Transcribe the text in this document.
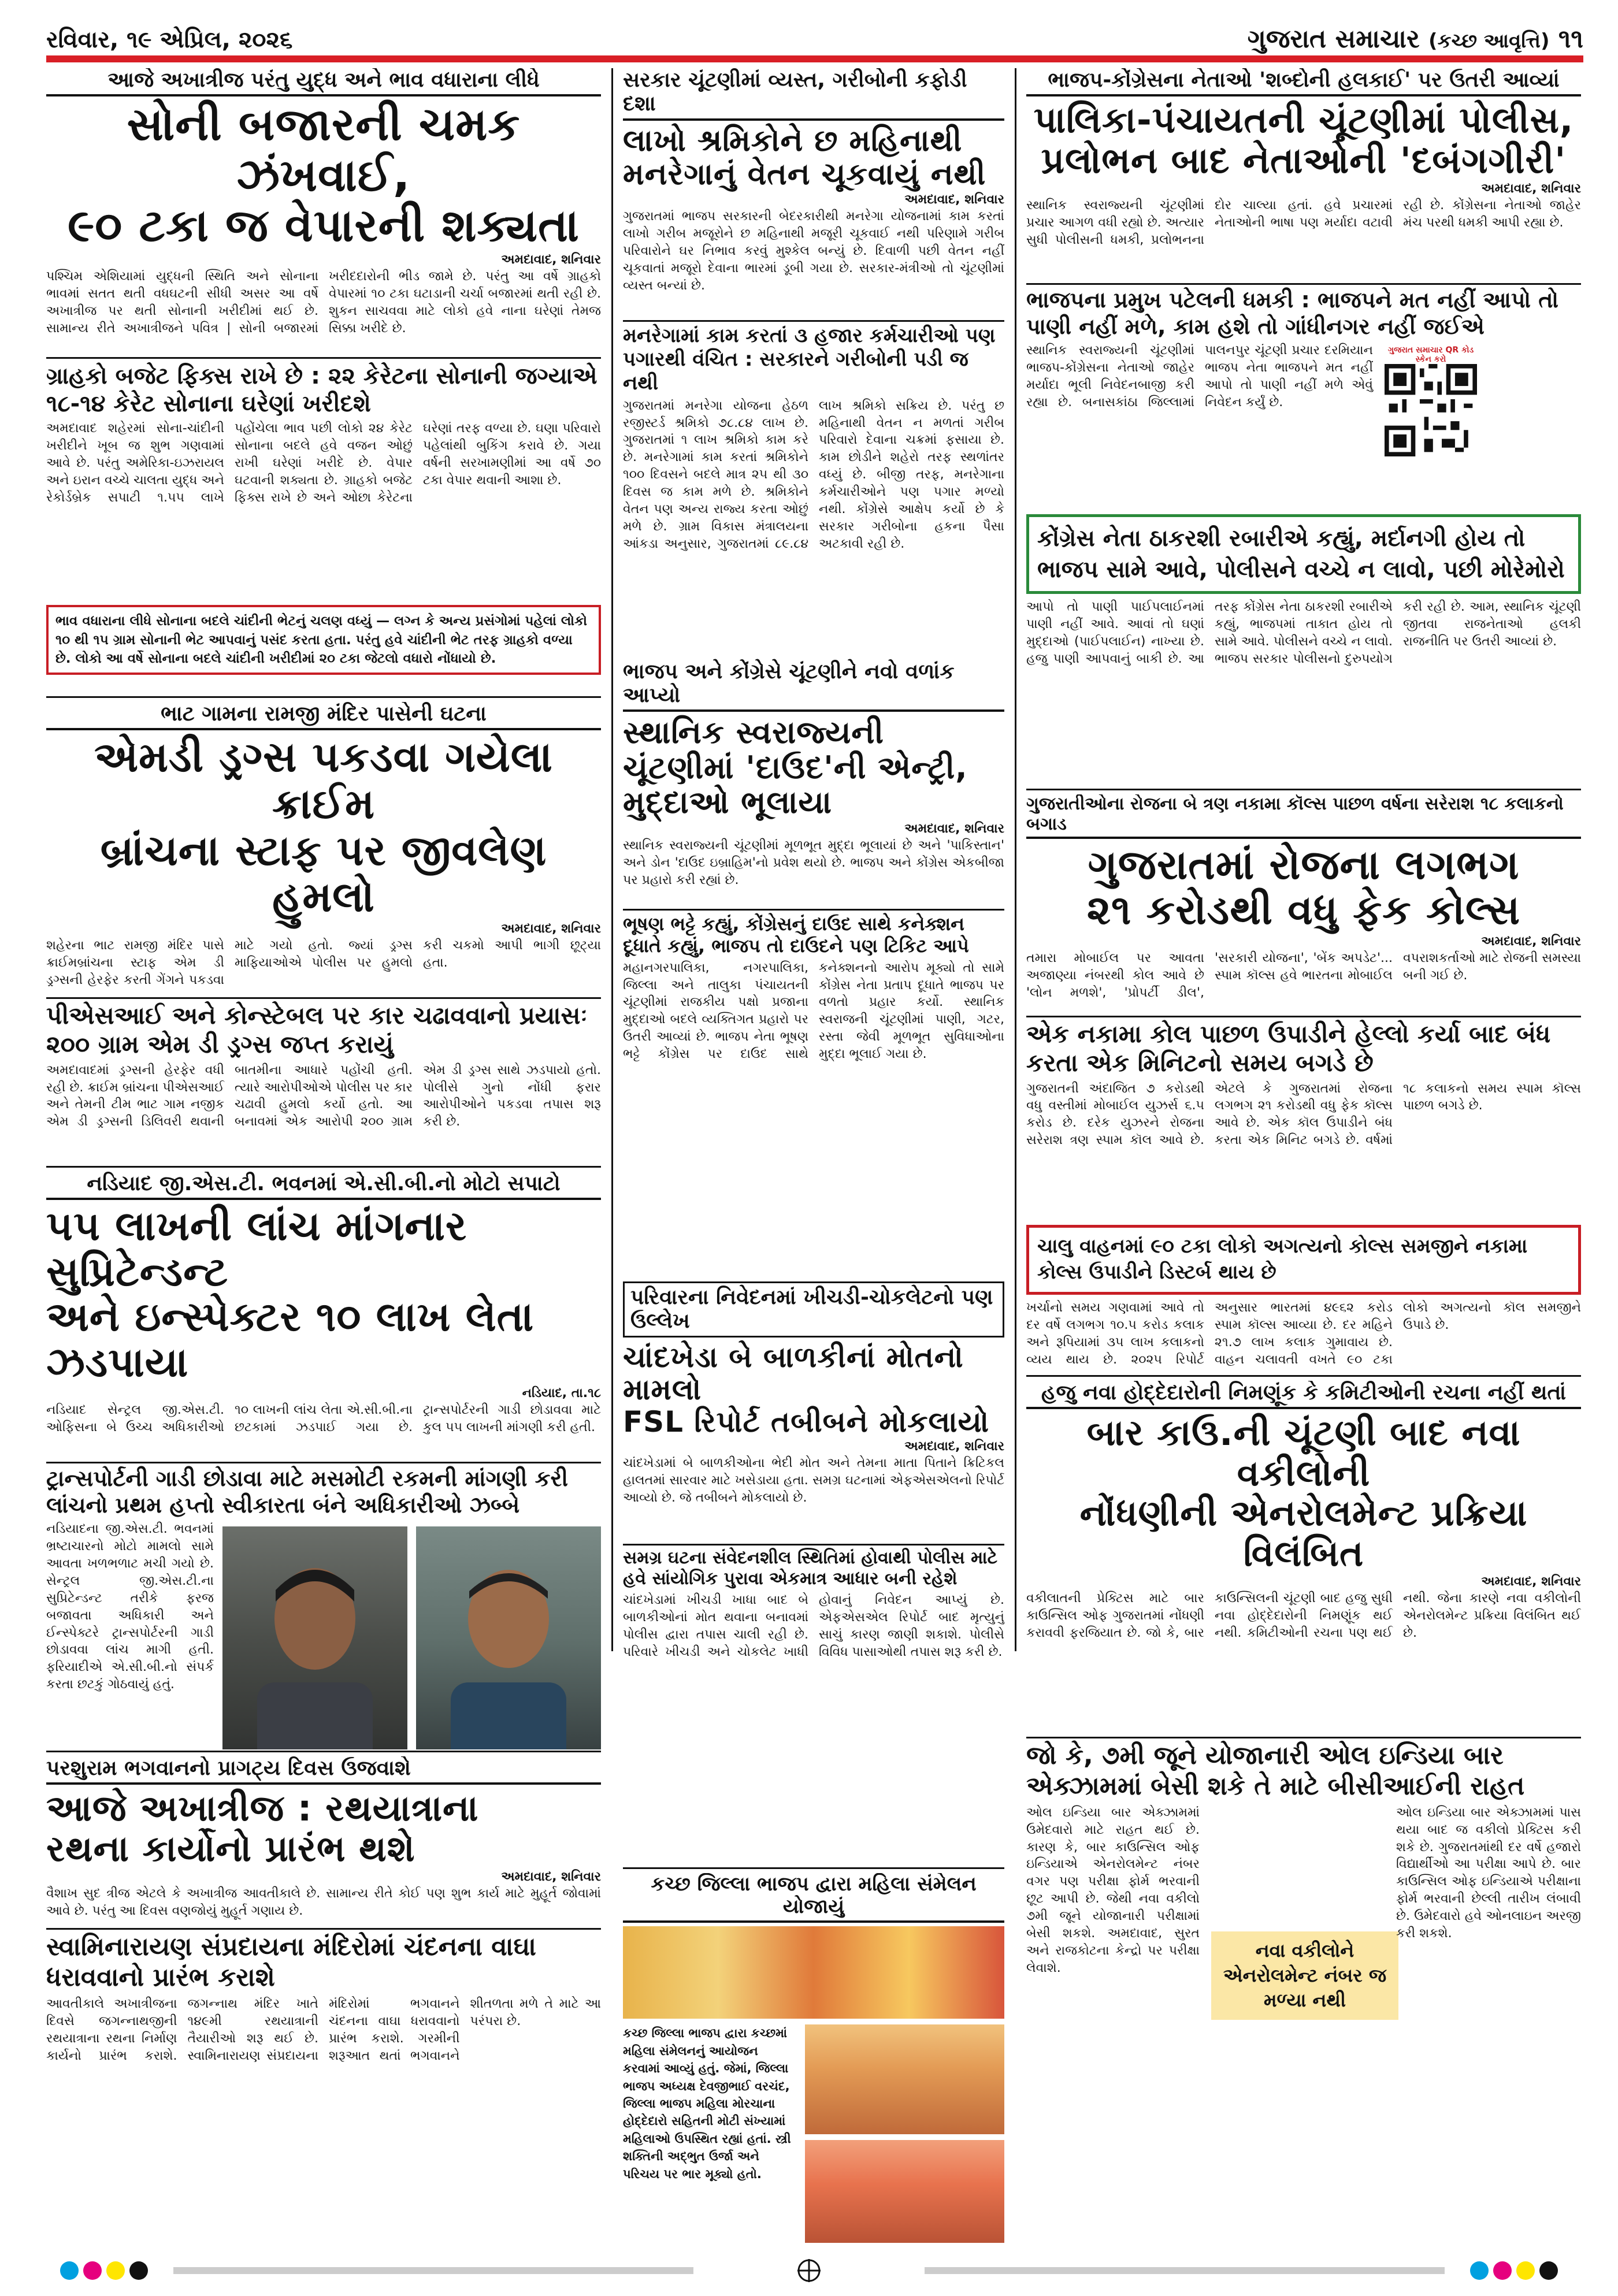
રવિવાર, ૧૯ એપ્રિલ, ૨૦૨૬	ગુજરાત સમાચાર (કચ્છ આવૃત્તિ) ૧૧
આજે અખાત્રીજ પરંતુ યુદ્ધ અને ભાવ વધારાના લીધે
સોની બજારની ચમક ઝંખવાઈ,
૯૦ ટકા જ વેપારની શક્યતા
અમદાવાદ, શનિવાર
પશ્ચિમ એશિયામાં યુદ્ધની સ્થિતિ અને સોનાના ભાવમાં સતત થતી વધઘટની સીધી અસર આ વર્ષે અખાત્રીજ પર થતી સોનાની ખરીદીમાં થઈ છે. સામાન્ય રીતે અખાત્રીજને પવિત્ર | સોની બજારમાં ખરીદદારોની ભીડ જામે છે. પરંતુ આ વર્ષે ગ્રાહકો વેપારમાં ૧૦ ટકા ઘટાડાની ચર્ચા બજારમાં થતી રહી છે. શુકન સાચવવા માટે લોકો હવે નાના ઘરેણાં તેમજ સિક્કા ખરીદે છે.
ગ્રાહકો બજેટ ફિક્સ રાખે છે : ૨૨ કેરેટના સોનાની જગ્યાએ ૧૮-૧૪ કેરેટ સોનાના ઘરેણાં ખરીદશે
અમદાવાદ શહેરમાં સોના-ચાંદીની ખરીદીને ખૂબ જ શુભ ગણવામાં આવે છે. પરંતુ અમેરિકા-ઇઝરાયલ અને ઇરાન વચ્ચે ચાલતા યુદ્ધ અને રેકોર્ડબ્રેક સપાટી ૧.૫૫ લાખે પહોંચેલા ભાવ પછી લોકો ૨૪ કેરેટ સોનાના બદલે હવે વજન ઓછું રાખી ઘરેણાં ખરીદે છે. વેપાર ઘટવાની શક્યતા છે. ગ્રાહકો બજેટ ફિક્સ રાખે છે અને ઓછા કેરેટના ઘરેણાં તરફ વળ્યા છે. ઘણા પરિવારો પહેલાંથી બુકિંગ કરાવે છે. ગયા વર્ષની સરખામણીમાં આ વર્ષે ૭૦ ટકા વેપાર થવાની આશા છે.
ભાવ વધારાના લીધે સોનાના બદલે ચાંદીની ભેટનું ચલણ વધ્યું — લગ્ન કે અન્ય પ્રસંગોમાં પહેલાં લોકો ૧૦ થી ૧૫ ગ્રામ સોનાની ભેટ આપવાનું પસંદ કરતા હતા. પરંતુ હવે ચાંદીની ભેટ તરફ ગ્રાહકો વળ્યા છે. લોકો આ વર્ષે સોનાના બદલે ચાંદીની ખરીદીમાં ૨૦ ટકા જેટલો વધારો નોંધાયો છે.
સરકાર ચૂંટણીમાં વ્યસ્ત, ગરીબોની કફોડી દશા
લાખો શ્રમિકોને છ મહિનાથી મનરેગાનું વેતન ચૂકવાયું નથી
અમદાવાદ, શનિવાર
ગુજરાતમાં ભાજપ સરકારની બેદરકારીથી મનરેગા યોજનામાં કામ કરતાં લાખો ગરીબ મજૂરોને છ મહિનાથી મજૂરી ચૂકવાઈ નથી પરિણામે ગરીબ પરિવારોને ઘર નિભાવ કરવું મુશ્કેલ બન્યું છે. દિવાળી પછી વેતન નહીં ચૂકવાતાં મજૂરો દેવાના ભારમાં ડૂબી ગયા છે. સરકાર-મંત્રીઓ તો ચૂંટણીમાં વ્યસ્ત બન્યાં છે.
મનરેગામાં કામ કરતાં ૩ હજાર કર્મચારીઓ પણ પગારથી વંચિત : સરકારને ગરીબોની પડી જ નથી
ગુજરાતમાં મનરેગા યોજના હેઠળ રજીસ્ટર્ડ શ્રમિકો ૭૮.૮૪ લાખ છે. ગુજરાતમાં ૧ લાખ શ્રમિકો કામ કરે છે. મનરેગામાં કામ કરતાં શ્રમિકોને ૧૦૦ દિવસને બદલે માત્ર ૨૫ થી ૩૦ દિવસ જ કામ મળે છે. શ્રમિકોને વેતન પણ અન્ય રાજ્ય કરતા ઓછું મળે છે. ગ્રામ વિકાસ મંત્રાલયના આંકડા અનુસાર, ગુજરાતમાં ૮૯.૮૪ લાખ શ્રમિકો સક્રિય છે. પરંતુ છ મહિનાથી વેતન ન મળતાં ગરીબ પરિવારો દેવાના ચક્રમાં ફસાયા છે. કામ છોડીને શહેરો તરફ સ્થળાંતર વધ્યું છે. બીજી તરફ, મનરેગાના કર્મચારીઓને પણ પગાર મળ્યો નથી. કોંગ્રેસે આક્ષેપ કર્યો છે કે સરકાર ગરીબોના હકના પૈસા અટકાવી રહી છે.
ભાજપ અને કોંગ્રેસે ચૂંટણીને નવો વળાંક આપ્યો
સ્થાનિક સ્વરાજ્યની ચૂંટણીમાં 'દાઉદ'ની એન્ટ્રી, મુદ્દાઓ ભૂલાયા
અમદાવાદ, શનિવાર
સ્થાનિક સ્વરાજ્યની ચૂંટણીમાં મૂળભૂત મુદ્દા ભૂલાયાં છે અને 'પાકિસ્તાન' અને ડોન 'દાઉદ ઇબ્રાહિમ'નો પ્રવેશ થયો છે. ભાજપ અને કોંગ્રેસ એકબીજા પર પ્રહારો કરી રહ્યાં છે.
ભૂષણ ભટ્ટે કહ્યું, કોંગ્રેસનું દાઉદ સાથે કનેક્શન દૂધાતે કહ્યું, ભાજપ તો દાઉદને પણ ટિકિટ આપે
મહાનગરપાલિકા, નગરપાલિકા, જિલ્લા અને તાલુકા પંચાયતની ચૂંટણીમાં રાજકીય પક્ષો પ્રજાના મુદ્દાઓ બદલે વ્યક્તિગત પ્રહારો પર ઉતરી આવ્યાં છે. ભાજપ નેતા ભૂષણ ભટ્ટે કોંગ્રેસ પર દાઉદ સાથે કનેક્શનનો આરોપ મૂક્યો તો સામે કોંગ્રેસ નેતા પ્રતાપ દૂધાતે ભાજપ પર વળતો પ્રહાર કર્યો. સ્થાનિક સ્વરાજની ચૂંટણીમાં પાણી, ગટર, રસ્તા જેવી મૂળભૂત સુવિધાઓના મુદ્દા ભૂલાઈ ગયા છે.
ભાજપ-કોંગ્રેસના નેતાઓ 'શબ્દોની હલકાઈ' પર ઉતરી આવ્યાં
પાલિકા-પંચાયતની ચૂંટણીમાં પોલીસ,
પ્રલોભન બાદ નેતાઓની 'દબંગગીરી'
અમદાવાદ, શનિવાર
સ્થાનિક સ્વરાજ્યની ચૂંટણીમાં પ્રચાર આગળ વધી રહ્યો છે. અત્યાર સુધી પોલીસની ધમકી, પ્રલોભનના દોર ચાલ્યા હતાં. હવે પ્રચારમાં નેતાઓની ભાષા પણ મર્યાદા વટાવી રહી છે. કોંગ્રેસના નેતાઓ જાહેર મંચ પરથી ધમકી આપી રહ્યા છે.
ભાજપના પ્રમુખ પટેલની ધમકી : ભાજપને મત નહીં આપો તો પાણી નહીં મળે, કામ હશે તો ગાંધીનગર નહીં જઈએ
સ્થાનિક સ્વરાજ્યની ચૂંટણીમાં ભાજપ-કોંગ્રેસના નેતાઓ જાહેર મર્યાદા ભૂલી નિવેદનબાજી કરી રહ્યા છે. બનાસકાંઠા જિલ્લામાં પાલનપુર ચૂંટણી પ્રચાર દરમિયાન ભાજપ નેતા ભાજપને મત નહીં આપો તો પાણી નહીં મળે એવું નિવેદન કર્યું છે.
ગુજરાત સમાચાર QR કોડ સ્કેન કરો
કોંગ્રેસ નેતા ઠાકરશી રબારીએ કહ્યું, મર્દાનગી હોય તો ભાજપ સામે આવે, પોલીસને વચ્ચે ન લાવો, પછી મોરેમોરો
આપો તો પાણી પાઈપલાઈનમાં પાણી નહીં આવે. આવાં તો ઘણાં મુદ્દાઓ (પાઈપલાઈન) નાખ્યા છે. હજુ પાણી આપવાનું બાકી છે. આ તરફ કોંગ્રેસ નેતા ઠાકરશી રબારીએ કહ્યું, ભાજપમાં તાકાત હોય તો સામે આવે. પોલીસને વચ્ચે ન લાવો. ભાજપ સરકાર પોલીસનો દુરુપયોગ કરી રહી છે. આમ, સ્થાનિક ચૂંટણી જીતવા રાજનેતાઓ હલકી રાજનીતિ પર ઉતરી આવ્યાં છે.
ભાટ ગામના રામજી મંદિર પાસેની ઘટના
એમડી ડ્રગ્સ પકડવા ગયેલા ક્રાઈમ
બ્રાંચના સ્ટાફ પર જીવલેણ હુમલો
અમદાવાદ, શનિવાર
શહેરના ભાટ રામજી મંદિર પાસે ક્રાઈમબ્રાંચના સ્ટાફ એમ ડી ડ્રગ્સની હેરફેર કરતી ગેંગને પકડવા માટે ગયો હતો. જ્યાં ડ્રગ્સ માફિયાઓએ પોલીસ પર હુમલો કરી ચકમો આપી ભાગી છૂટ્યા હતા.
પીએસઆઈ અને કોન્સ્ટેબલ પર કાર ચઢાવવાનો પ્રયાસઃ ૨૦૦ ગ્રામ એમ ડી ડ્રગ્સ જપ્ત કરાયું
અમદાવાદમાં ડ્રગ્સની હેરફેર વધી રહી છે. ક્રાઈમ બ્રાંચના પીએસઆઈ અને તેમની ટીમ ભાટ ગામ નજીક એમ ડી ડ્રગ્સની ડિલિવરી થવાની બાતમીના આધારે પહોંચી હતી. ત્યારે આરોપીઓએ પોલીસ પર કાર ચઢાવી હુમલો કર્યો હતો. આ બનાવમાં એક આરોપી ૨૦૦ ગ્રામ એમ ડી ડ્રગ્સ સાથે ઝડપાયો હતો. પોલીસે ગુનો નોંધી ફરાર આરોપીઓને પકડવા તપાસ શરૂ કરી છે.
નડિયાદ જી.એસ.ટી. ભવનમાં એ.સી.બી.નો મોટો સપાટો
૫૫ લાખની લાંચ માંગનાર સુપ્રિટેન્ડન્ટ
અને ઇન્સ્પેક્ટર ૧૦ લાખ લેતા ઝડપાયા
નડિયાદ, તા.૧૮
નડિયાદ સેન્ટ્રલ જી.એસ.ટી. ઓફિસના બે ઉચ્ચ અધિકારીઓ ૧૦ લાખની લાંચ લેતા એ.સી.બી.ના છટકામાં ઝડપાઈ ગયા છે. ટ્રાન્સપોર્ટરની ગાડી છોડાવવા માટે કુલ ૫૫ લાખની માંગણી કરી હતી.
ટ્રાન્સપોર્ટની ગાડી છોડાવા માટે મસમોટી રકમની માંગણી કરી લાંચનો પ્રથમ હપ્તો સ્વીકારતા બંને અધિકારીઓ ઝબ્બે
નડિયાદના જી.એસ.ટી. ભવનમાં ભ્રષ્ટાચારનો મોટો મામલો સામે આવતા ખળભળાટ મચી ગયો છે. સેન્ટ્રલ જી.એસ.ટી.ના સુપ્રિટેન્ડન્ટ તરીકે ફરજ બજાવતા અધિકારી અને ઈન્સ્પેક્ટરે ટ્રાન્સપોર્ટરની ગાડી છોડાવવા લાંચ માગી હતી. ફરિયાદીએ એ.સી.બી.નો સંપર્ક કરતા છટકું ગોઠવાયું હતું.
પરશુરામ ભગવાનનો પ્રાગટ્ય દિવસ ઉજવાશે
આજે અખાત્રીજ : રથયાત્રાના
રથના કાર્યોનો પ્રારંભ થશે
અમદાવાદ, શનિવાર
વૈશાખ સુદ ત્રીજ એટલે કે અખાત્રીજ આવતીકાલે છે. સામાન્ય રીતે કોઈ પણ શુભ કાર્ય માટે મુહૂર્ત જોવામાં આવે છે. પરંતુ આ દિવસ વણજોયું મુહૂર્ત ગણાય છે.
સ્વામિનારાયણ સંપ્રદાયના મંદિરોમાં ચંદનના વાઘા ધરાવવાનો પ્રારંભ કરાશે
આવતીકાલે અખાત્રીજના દિવસે જગન્નાથજીની રથયાત્રાના રથના નિર્માણ કાર્યનો પ્રારંભ કરાશે. જગન્નાથ મંદિર ખાતે ૧૪૯મી રથયાત્રાની તૈયારીઓ શરૂ થઈ છે. સ્વામિનારાયણ સંપ્રદાયના મંદિરોમાં ભગવાનને ચંદનના વાઘા ધરાવવાનો પ્રારંભ કરાશે. ગરમીની શરૂઆત થતાં ભગવાનને શીતળતા મળે તે માટે આ પરંપરા છે.
પરિવારના નિવેદનમાં ખીચડી-ચોકલેટનો પણ ઉલ્લેખ
ચાંદખેડા બે બાળકીનાં મોતનો મામલો
FSL રિપોર્ટ તબીબને મોકલાયો
અમદાવાદ, શનિવાર
ચાંદખેડામાં બે બાળકીઓના ભેદી મોત અને તેમના માતા પિતાને ક્રિટિકલ હાલતમાં સારવાર માટે ખસેડાયા હતા. સમગ્ર ઘટનામાં એફએસએલનો રિપોર્ટ આવ્યો છે. જે તબીબને મોકલાયો છે.
સમગ્ર ઘટના સંવેદનશીલ સ્થિતિમાં હોવાથી પોલીસ માટે હવે સાંયોગિક પુરાવા એકમાત્ર આધાર બની રહેશે
ચાંદખેડામાં ખીચડી ખાધા બાદ બે બાળકીઓનાં મોત થવાના બનાવમાં પોલીસ દ્વારા તપાસ ચાલી રહી છે. પરિવારે ખીચડી અને ચોકલેટ ખાધી હોવાનું નિવેદન આપ્યું છે. એફએસએલ રિપોર્ટ બાદ મૃત્યુનું સાચું કારણ જાણી શકાશે. પોલીસે વિવિધ પાસાઓથી તપાસ શરૂ કરી છે.
કચ્છ જિલ્લા ભાજપ દ્વારા મહિલા સંમેલન યોજાયું
કચ્છ જિલ્લા ભાજપ દ્વારા કચ્છમાં મહિલા સંમેલનનું આયોજન કરવામાં આવ્યું હતું. જેમાં, જિલ્લા ભાજપ અધ્યક્ષ દેવજીભાઈ વરચંદ, જિલ્લા ભાજપ મહિલા મોરચાના હોદ્દેદારો સહિતની મોટી સંખ્યામાં મહિલાઓ ઉપસ્થિત રહ્યાં હતાં. સ્ત્રી શક્તિની અદ્ભુત ઉર્જા અને પરિચય પર ભાર મૂક્યો હતો.
ગુજરાતીઓના રોજના બે ત્રણ નકામા કૉલ્સ પાછળ વર્ષના સરેરાશ ૧૮ કલાકનો બગાડ
ગુજરાતમાં રોજના લગભગ
૨૧ કરોડથી વધુ ફેક કોલ્સ
અમદાવાદ, શનિવાર
તમારા મોબાઈલ પર આવતા અજાણ્યા નંબરથી કોલ આવે છે 'લોન મળશે', 'પ્રોપર્ટી ડીલ', 'સરકારી યોજના', 'બેંક અપડેટ'... સ્પામ કૉલ્સ હવે ભારતના મોબાઈલ વપરાશકર્તાઓ માટે રોજની સમસ્યા બની ગઈ છે.
એક નકામા કોલ પાછળ ઉપાડીને હેલ્લો કર્યા બાદ બંધ કરતા એક મિનિટનો સમય બગડે છે
ગુજરાતની અંદાજિત ૭ કરોડથી વધુ વસ્તીમાં મોબાઈલ યુઝર્સ ૬.૫ કરોડ છે. દરેક યુઝરને રોજના સરેરાશ ત્રણ સ્પામ કૉલ આવે છે. એટલે કે ગુજરાતમાં રોજના લગભગ ૨૧ કરોડથી વધુ ફેક કૉલ્સ આવે છે. એક કૉલ ઉપાડીને બંધ કરતા એક મિનિટ બગડે છે. વર્ષમાં ૧૮ કલાકનો સમય સ્પામ કૉલ્સ પાછળ બગડે છે.
ચાલુ વાહનમાં ૯૦ ટકા લોકો અગત્યનો કોલ્સ સમજીને નકામા કોલ્સ ઉપાડીને ડિસ્ટર્બ થાય છે
ખર્ચાનો સમય ગણવામાં આવે તો દર વર્ષે લગભગ ૧૦.૫ કરોડ કલાક અને રૂપિયામાં ૩૫ લાખ કલાકનો વ્યય થાય છે. ૨૦૨૫ રિપોર્ટ અનુસાર ભારતમાં ૪૯૬૨ કરોડ સ્પામ કૉલ્સ આવ્યા છે. દર મહિને ૨૧.૭ લાખ કલાક ગુમાવાય છે. વાહન ચલાવતી વખતે ૯૦ ટકા લોકો અગત્યનો કૉલ સમજીને ઉપાડે છે.
હજુ નવા હોદ્દેદારોની નિમણૂંક કે કમિટીઓની રચના નહીં થતાં
બાર કાઉ.ની ચૂંટણી બાદ નવા વકીલોની
નોંધણીની એનરોલમેન્ટ પ્રક્રિયા વિલંબિત
અમદાવાદ, શનિવાર
વકીલાતની પ્રેક્ટિસ માટે બાર કાઉન્સિલ ઓફ ગુજરાતમાં નોંધણી કરાવવી ફરજિયાત છે. જો કે, બાર કાઉન્સિલની ચૂંટણી બાદ હજુ સુધી નવા હોદ્દેદારોની નિમણૂંક થઈ નથી. કમિટીઓની રચના પણ થઈ નથી. જેના કારણે નવા વકીલોની એનરોલમેન્ટ પ્રક્રિયા વિલંબિત થઈ છે.
જો કે, ૭મી જૂને યોજાનારી ઓલ ઇન્ડિયા બાર એક્ઝામમાં બેસી શકે તે માટે બીસીઆઈની રાહત
ઓલ ઇન્ડિયા બાર એક્ઝામમાં ઉમેદવારો માટે રાહત થઈ છે. કારણ કે, બાર કાઉન્સિલ ઓફ ઇન્ડિયાએ એનરોલમેન્ટ નંબર વગર પણ પરીક્ષા ફોર્મ ભરવાની છૂટ આપી છે. જેથી નવા વકીલો ૭મી જૂને યોજાનારી પરીક્ષામાં બેસી શકશે. અમદાવાદ, સુરત અને રાજકોટના કેન્દ્રો પર પરીક્ષા લેવાશે.
નવા વકીલોને એનરોલમેન્ટ નંબર જ મળ્યા નથી
ઓલ ઇન્ડિયા બાર એક્ઝામમાં પાસ થયા બાદ જ વકીલો પ્રેક્ટિસ કરી શકે છે. ગુજરાતમાંથી દર વર્ષે હજારો વિદ્યાર્થીઓ આ પરીક્ષા આપે છે. બાર કાઉન્સિલ ઓફ ઇન્ડિયાએ પરીક્ષાના ફોર્મ ભરવાની છેલ્લી તારીખ લંબાવી છે. ઉમેદવારો હવે ઓનલાઇન અરજી કરી શકશે.
